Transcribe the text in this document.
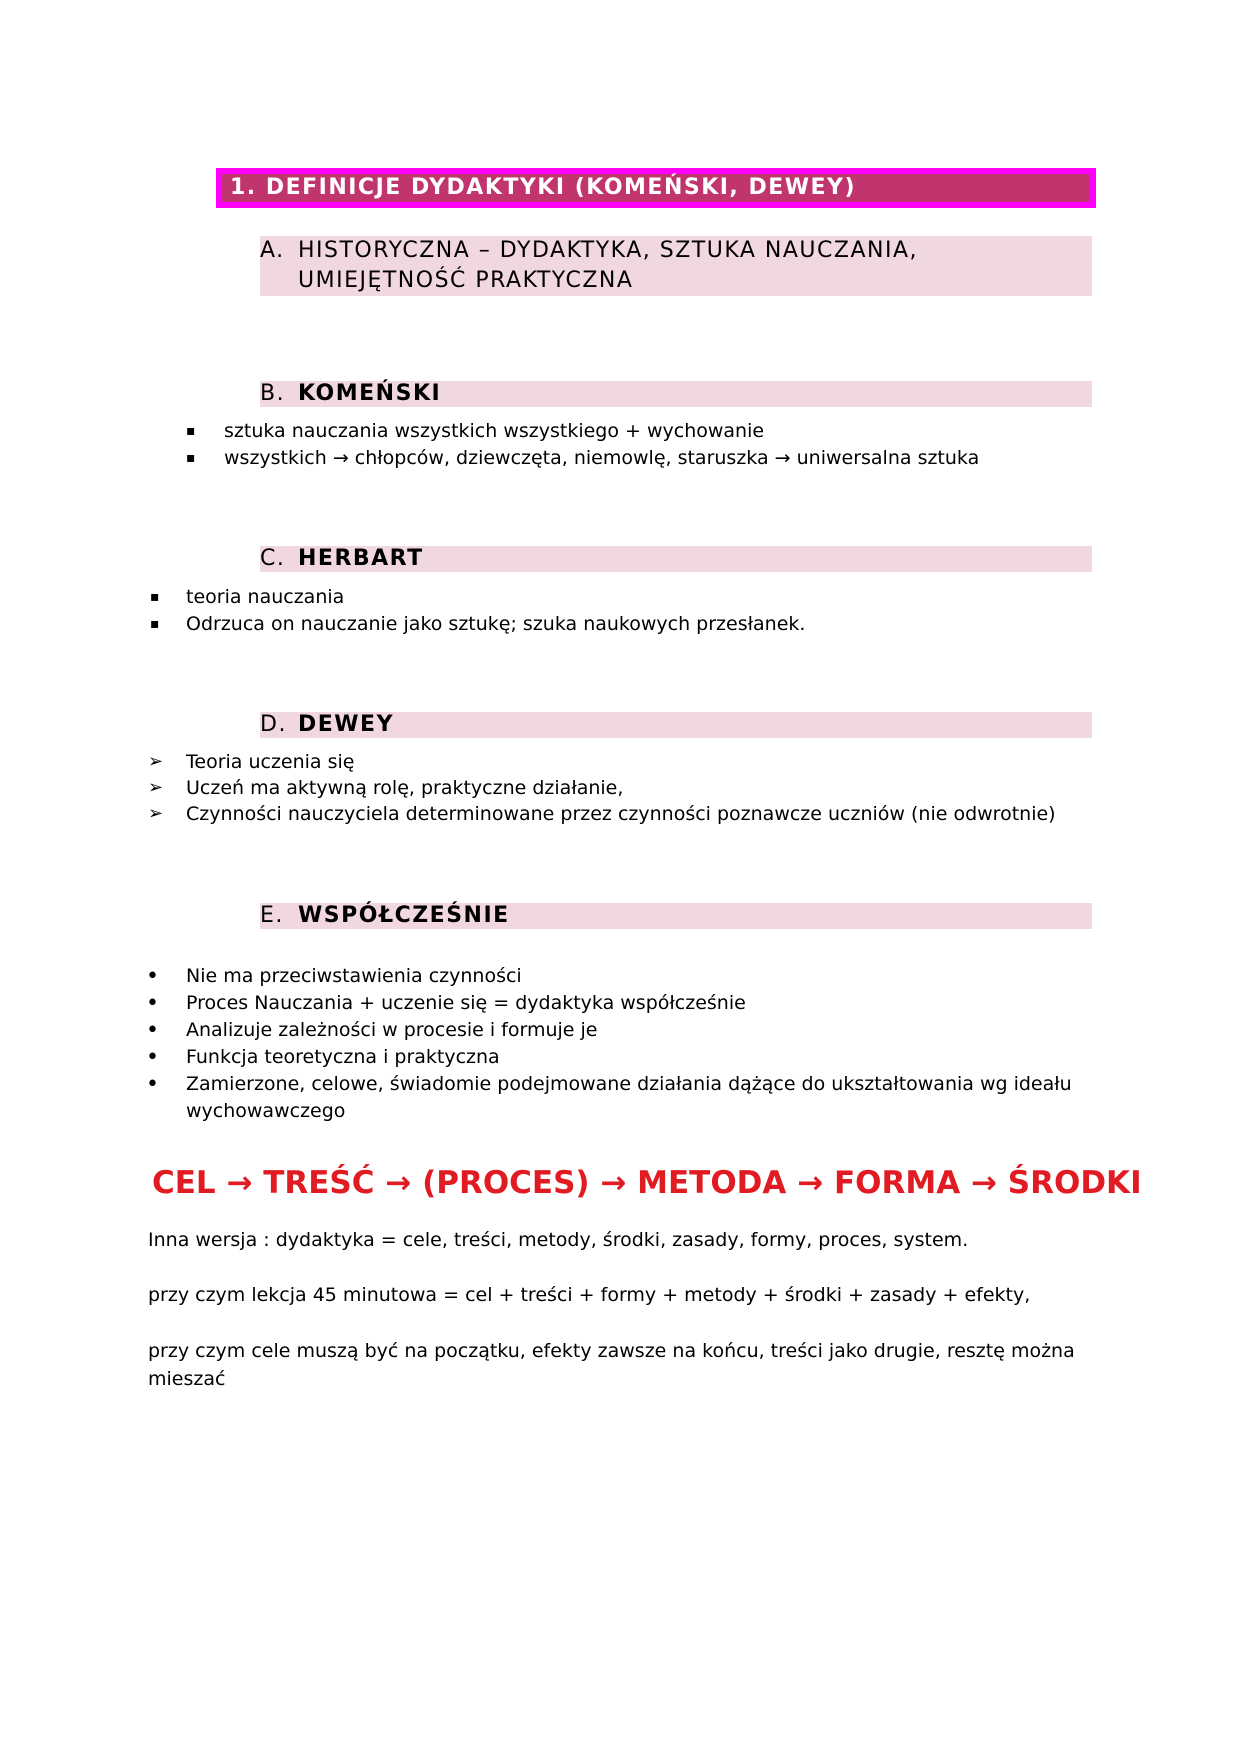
1. DEFINICJE DYDAKTYKI (KOMEŃSKI, DEWEY)
A. HISTORYCZNA – DYDAKTYKA, SZTUKA NAUCZANIA,
UMIEJĘTNOŚĆ PRAKTYCZNA
B. KOMEŃSKI
▪ sztuka nauczania wszystkich wszystkiego + wychowanie
▪ wszystkich → chłopców, dziewczęta, niemowlę, staruszka → uniwersalna sztuka
C. HERBART
▪ teoria nauczania
▪ Odrzuca on nauczanie jako sztukę; szuka naukowych przesłanek.
D. DEWEY
➢ Teoria uczenia się
➢ Uczeń ma aktywną rolę, praktyczne działanie,
➢ Czynności nauczyciela determinowane przez czynności poznawcze uczniów (nie odwrotnie)
E. WSPÓŁCZEŚNIE
• Nie ma przeciwstawienia czynności
• Proces Nauczania + uczenie się = dydaktyka współcześnie
• Analizuje zależności w procesie i formuje je
• Funkcja teoretyczna i praktyczna
• Zamierzone, celowe, świadomie podejmowane działania dążące do ukształtowania wg ideału wychowawczego
CEL → TREŚĆ → (PROCES) → METODA → FORMA → ŚRODKI
Inna wersja : dydaktyka = cele, treści, metody, środki, zasady, formy, proces, system.
przy czym lekcja 45 minutowa = cel + treści + formy + metody + środki + zasady + efekty,
przy czym cele muszą być na początku, efekty zawsze na końcu, treści jako drugie, resztę można mieszać
